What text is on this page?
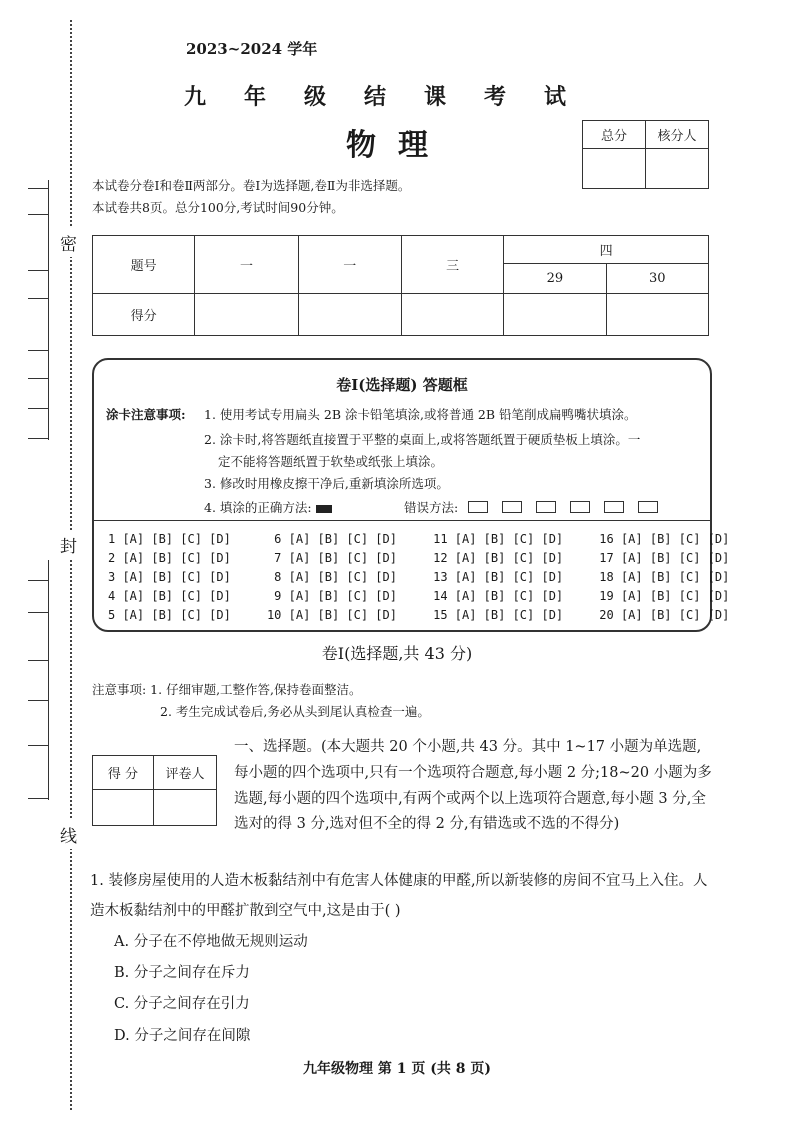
密
封
线
2023~2024 学年
九年级结课考试
物理	总分	核分人

本试卷分卷Ⅰ和卷Ⅱ两部分。卷Ⅰ为选择题,卷Ⅱ为非选择题。
本试卷共8页。总分100分,考试时间90分钟。
题号	一	一	三	四	
				29	30
得分					
卷Ⅰ(选择题) 答题框
涂卡注意事项: 1. 使用考试专用扁头 2B 涂卡铅笔填涂,或将普通 2B 铅笔削成扁鸭嘴状填涂。
2. 涂卡时,将答题纸直接置于平整的桌面上,或将答题纸置于硬质垫板上填涂。一
定不能将答题纸置于软垫或纸张上填涂。
3. 修改时用橡皮擦干净后,重新填涂所选项。
4. 填涂的正确方法:	错误方法:
1 [A] [B] [C] [D]      6 [A] [B] [C] [D]     11 [A] [B] [C] [D]     16 [A] [B] [C] [D]
2 [A] [B] [C] [D]      7 [A] [B] [C] [D]     12 [A] [B] [C] [D]     17 [A] [B] [C] [D]
3 [A] [B] [C] [D]      8 [A] [B] [C] [D]     13 [A] [B] [C] [D]     18 [A] [B] [C] [D]
4 [A] [B] [C] [D]      9 [A] [B] [C] [D]     14 [A] [B] [C] [D]     19 [A] [B] [C] [D]
5 [A] [B] [C] [D]     10 [A] [B] [C] [D]     15 [A] [B] [C] [D]     20 [A] [B] [C] [D]
卷Ⅰ(选择题,共 43 分)
注意事项: 1. 仔细审题,工整作答,保持卷面整洁。
2. 考生完成试卷后,务必从头到尾认真检查一遍。
得 分	评卷人

一、选择题。(本大题共 20 个小题,共 43 分。其中 1~17 小题为单选题,每小题的四个选项中,只有一个选项符合题意,每小题 2 分;18~20 小题为多选题,每小题的四个选项中,有两个或两个以上选项符合题意,每小题 3 分,全选对的得 3 分,选对但不全的得 2 分,有错选或不选的不得分)
1. 装修房屋使用的人造木板黏结剂中有危害人体健康的甲醛,所以新装修的房间不宜马上入住。人造木板黏结剂中的甲醛扩散到空气中,这是由于( )
A. 分子在不停地做无规则运动
B. 分子之间存在斥力
C. 分子之间存在引力
D. 分子之间存在间隙
九年级物理 第 1 页 (共 8 页)
